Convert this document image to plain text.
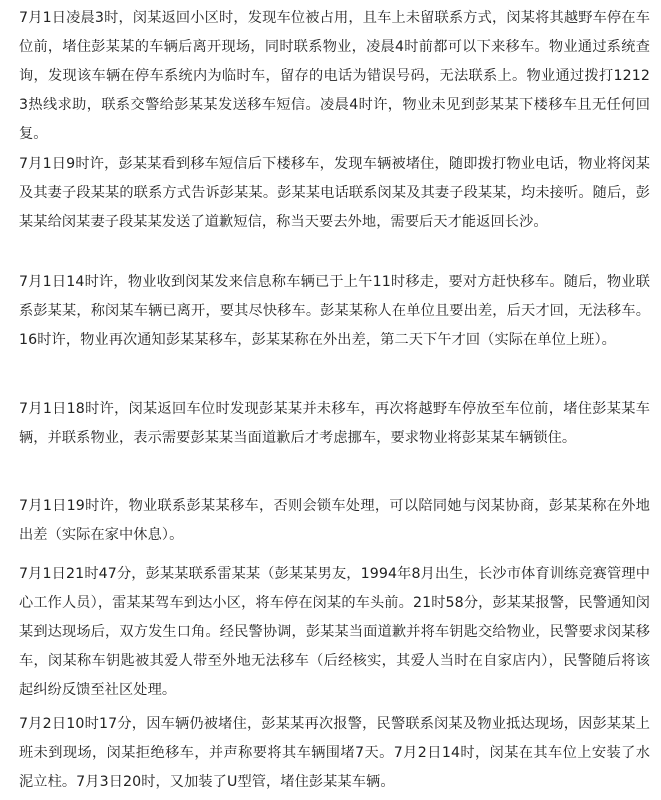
7月1日凌晨3时，闵某返回小区时，发现车位被占用，且车上未留联系方式，闵某将其越野车停在车位前，堵住彭某某的车辆后离开现场，同时联系物业，凌晨4时前都可以下来移车。物业通过系统查询，发现该车辆在停车系统内为临时车，留存的电话为错误号码，无法联系上。物业通过拨打12123热线求助，联系交警给彭某某发送移车短信。凌晨4时许，物业未见到彭某某下楼移车且无任何回复。

7月1日9时许，彭某某看到移车短信后下楼移车，发现车辆被堵住，随即拨打物业电话，物业将闵某及其妻子段某某的联系方式告诉彭某某。彭某某电话联系闵某及其妻子段某某，均未接听。随后，彭某某给闵某妻子段某某发送了道歉短信，称当天要去外地，需要后天才能返回长沙。

7月1日14时许，物业收到闵某发来信息称车辆已于上午11时移走，要对方赶快移车。随后，物业联系彭某某，称闵某车辆已离开，要其尽快移车。彭某某称人在单位且要出差，后天才回，无法移车。16时许，物业再次通知彭某某移车，彭某某称在外出差，第二天下午才回（实际在单位上班）。

7月1日18时许，闵某返回车位时发现彭某某并未移车，再次将越野车停放至车位前，堵住彭某某车辆，并联系物业，表示需要彭某某当面道歉后才考虑挪车，要求物业将彭某某车辆锁住。

7月1日19时许，物业联系彭某某移车，否则会锁车处理，可以陪同她与闵某协商，彭某某称在外地出差（实际在家中休息）。

7月1日21时47分，彭某某联系雷某某（彭某某男友，1994年8月出生，长沙市体育训练竞赛管理中心工作人员），雷某某驾车到达小区，将车停在闵某的车头前。21时58分，彭某某报警，民警通知闵某到达现场后，双方发生口角。经民警协调，彭某某当面道歉并将车钥匙交给物业，民警要求闵某移车，闵某称车钥匙被其爱人带至外地无法移车（后经核实，其爱人当时在自家店内），民警随后将该起纠纷反馈至社区处理。

7月2日10时17分，因车辆仍被堵住，彭某某再次报警，民警联系闵某及物业抵达现场，因彭某某上班未到现场，闵某拒绝移车，并声称要将其车辆围堵7天。7月2日14时，闵某在其车位上安装了水泥立柱。7月3日20时，又加装了U型管，堵住彭某某车辆。
